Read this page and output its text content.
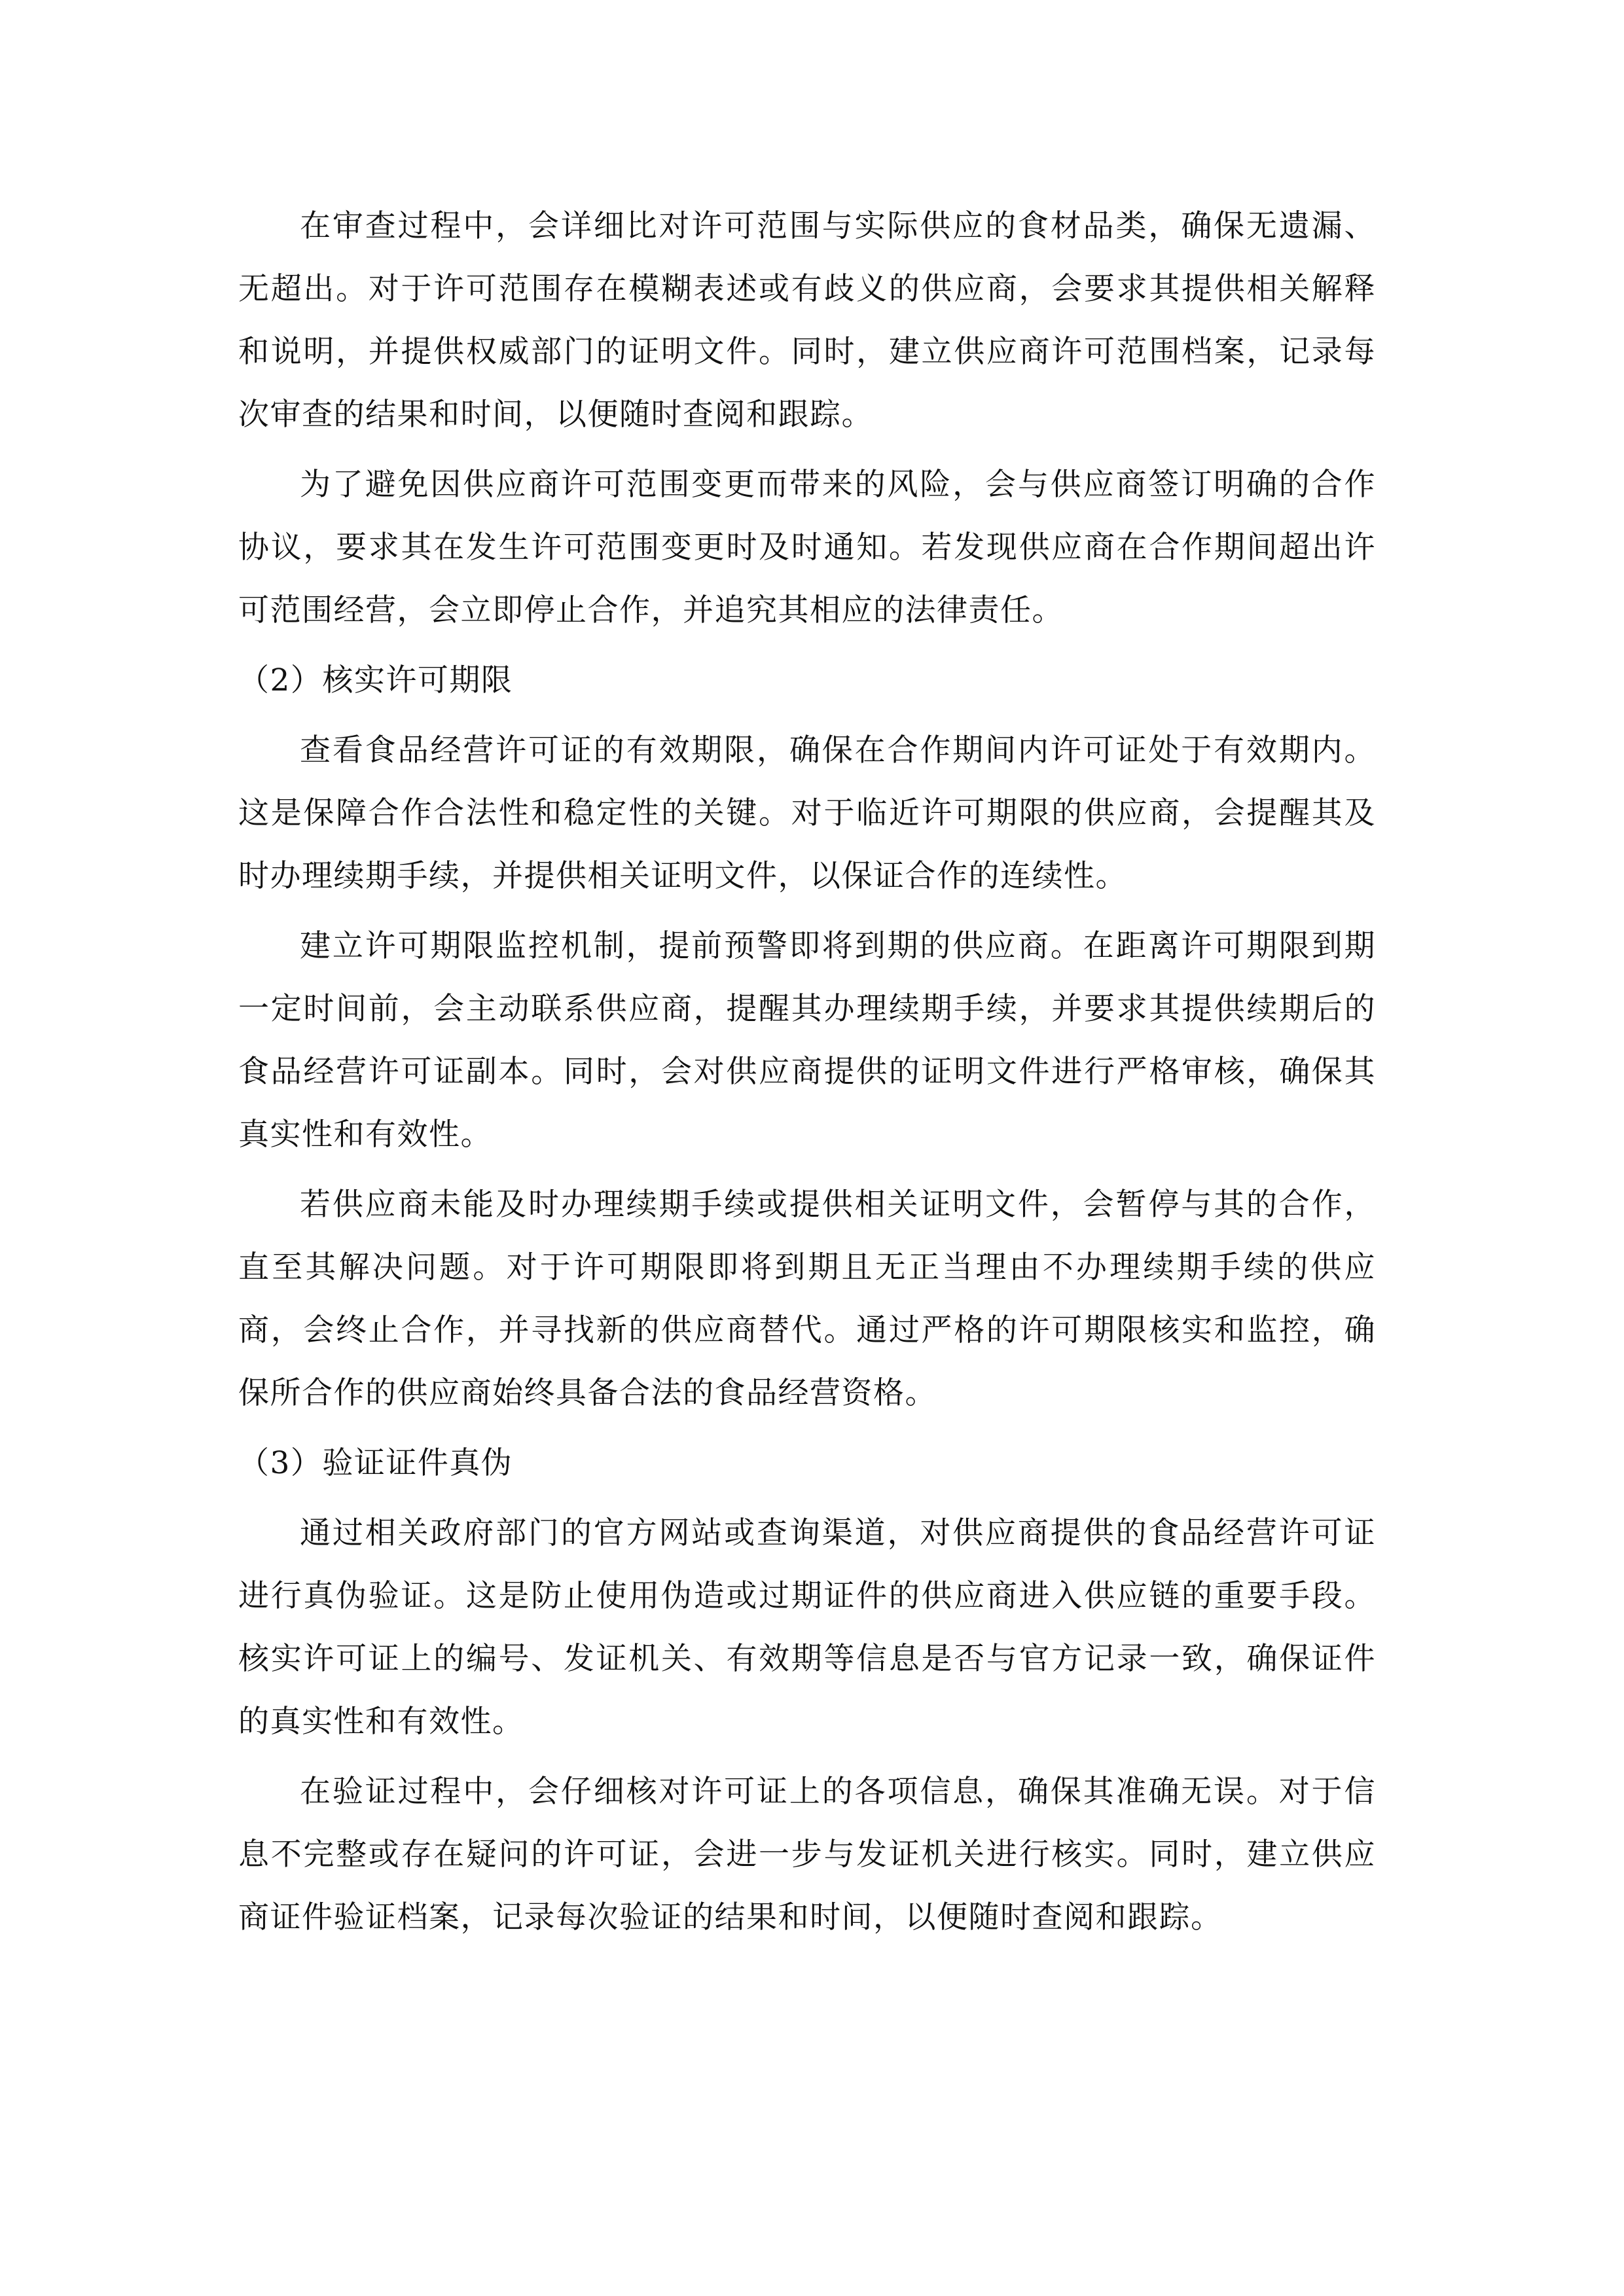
在审查过程中，会详细比对许可范围与实际供应的食材品类，确保无遗漏、无超出。对于许可范围存在模糊表述或有歧义的供应商，会要求其提供相关解释和说明，并提供权威部门的证明文件。同时，建立供应商许可范围档案，记录每次审查的结果和时间，以便随时查阅和跟踪。

为了避免因供应商许可范围变更而带来的风险，会与供应商签订明确的合作协议，要求其在发生许可范围变更时及时通知。若发现供应商在合作期间超出许可范围经营，会立即停止合作，并追究其相应的法律责任。

（2）核实许可期限

查看食品经营许可证的有效期限，确保在合作期间内许可证处于有效期内。这是保障合作合法性和稳定性的关键。对于临近许可期限的供应商，会提醒其及时办理续期手续，并提供相关证明文件，以保证合作的连续性。

建立许可期限监控机制，提前预警即将到期的供应商。在距离许可期限到期一定时间前，会主动联系供应商，提醒其办理续期手续，并要求其提供续期后的食品经营许可证副本。同时，会对供应商提供的证明文件进行严格审核，确保其真实性和有效性。

若供应商未能及时办理续期手续或提供相关证明文件，会暂停与其的合作，直至其解决问题。对于许可期限即将到期且无正当理由不办理续期手续的供应商，会终止合作，并寻找新的供应商替代。通过严格的许可期限核实和监控，确保所合作的供应商始终具备合法的食品经营资格。

（3）验证证件真伪

通过相关政府部门的官方网站或查询渠道，对供应商提供的食品经营许可证进行真伪验证。这是防止使用伪造或过期证件的供应商进入供应链的重要手段。核实许可证上的编号、发证机关、有效期等信息是否与官方记录一致，确保证件的真实性和有效性。

在验证过程中，会仔细核对许可证上的各项信息，确保其准确无误。对于信息不完整或存在疑问的许可证，会进一步与发证机关进行核实。同时，建立供应商证件验证档案，记录每次验证的结果和时间，以便随时查阅和跟踪。
